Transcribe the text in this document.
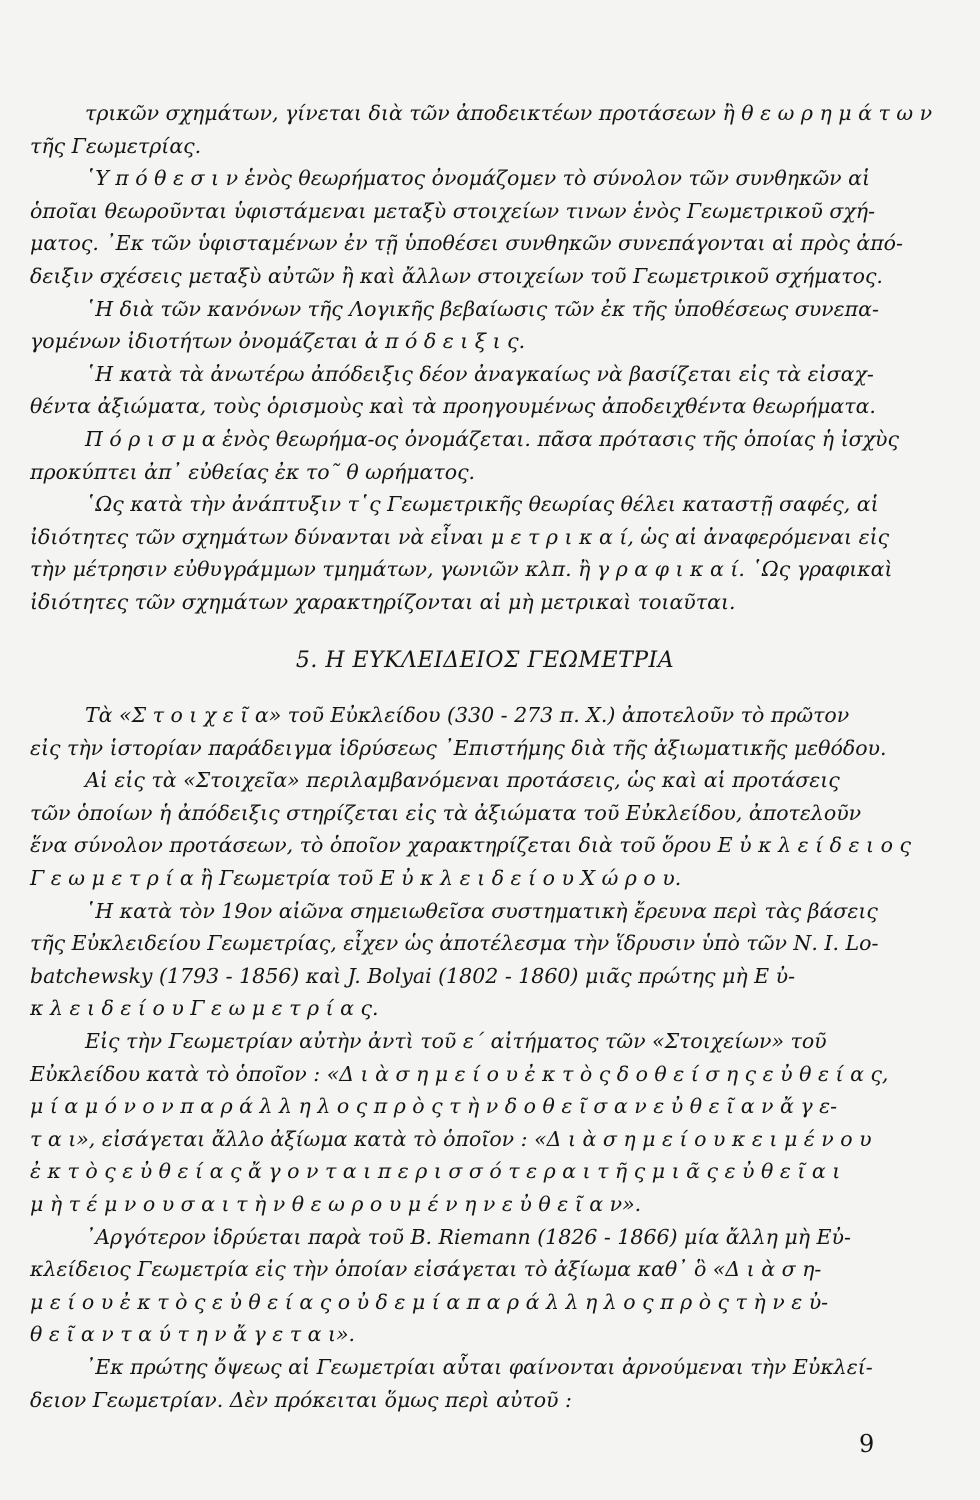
τρικῶν σχημάτων, γίνεται διὰ τῶν ἀποδεικτέων προτάσεων ἢ θ ε ω ρ η μ ά τ ω ν
τῆς Γεωμετρίας.
῾Υ π ό θ ε σ ι ν ἑνὸς θεωρήματος ὀνομάζομεν τὸ σύνολον τῶν συνθηκῶν αἱ
ὁποῖαι θεωροῦνται ὑφιστάμεναι μεταξὺ στοιχείων τινων ἑνὸς Γεωμετρικοῦ σχή-
ματος. ᾿Εκ τῶν ὑφισταμένων ἐν τῇ ὑποθέσει συνθηκῶν συνεπάγονται αἱ πρὸς ἀπό-
δειξιν σχέσεις μεταξὺ αὐτῶν ἢ καὶ ἄλλων στοιχείων τοῦ Γεωμετρικοῦ σχήματος.
῾Η διὰ τῶν κανόνων τῆς Λογικῆς βεβαίωσις τῶν ἐκ τῆς ὑποθέσεως συνεπα-
γομένων ἰδιοτήτων ὀνομάζεται ἀ π ό δ ε ι ξ ι ς.
῾Η κατὰ τὰ ἀνωτέρω ἀπόδειξις δέον ἀναγκαίως νὰ βασίζεται εἰς τὰ εἰσαχ-
θέντα ἀξιώματα, τοὺς ὁρισμοὺς καὶ τὰ προηγουμένως ἀποδειχθέντα θεωρήματα.
Π ό ρ ι σ μ α ἑνὸς θεωρήμα-ος ὀνομάζεται. πᾶσα πρότασις τῆς ὁποίας ἡ ἰσχὺς
προκύπτει ἀπ᾿ εὐθείας ἐκ το῀ θ ωρήματος.
῾Ως κατὰ τὴν ἀνάπτυξιν τ῾ς Γεωμετρικῆς θεωρίας θέλει καταστῇ σαφές, αἱ
ἰδιότητες τῶν σχημάτων δύνανται νὰ εἶναι μ ε τ ρ ι κ α ί, ὡς αἱ ἀναφερόμεναι εἰς
τὴν μέτρησιν εὐθυγράμμων τμημάτων, γωνιῶν κλπ. ἢ γ ρ α φ ι κ α ί. ῾Ως γραφικαὶ
ἰδιότητες τῶν σχημάτων χαρακτηρίζονται αἱ μὴ μετρικαὶ τοιαῦται.
5. Η ΕΥΚΛΕΙΔΕΙΟΣ ΓΕΩΜΕΤΡΙΑ
Τὰ «Σ τ ο ι χ ε ῖ α» τοῦ Εὐκλείδου (330 - 273 π. Χ.) ἀποτελοῦν τὸ πρῶτον
εἰς τὴν ἱστορίαν παράδειγμα ἱδρύσεως ᾿Επιστήμης διὰ τῆς ἀξιωματικῆς μεθόδου.
Αἱ εἰς τὰ «Στοιχεῖα» περιλαμβανόμεναι προτάσεις, ὡς καὶ αἱ προτάσεις
τῶν ὁποίων ἡ ἀπόδειξις στηρίζεται εἰς τὰ ἀξιώματα τοῦ Εὐκλείδου, ἀποτελοῦν
ἕνα σύνολον προτάσεων, τὸ ὁποῖον χαρακτηρίζεται διὰ τοῦ ὅρου Ε ὐ κ λ ε ί δ ε ι ο ς
Γ ε ω μ ε τ ρ ί α ἢ Γεωμετρία τοῦ Ε ὐ κ λ ε ι δ ε ί ο υ Χ ώ ρ ο υ.
῾Η κατὰ τὸν 19ον αἰῶνα σημειωθεῖσα συστηματικὴ ἔρευνα περὶ τὰς βάσεις
τῆς Εὐκλειδείου Γεωμετρίας, εἶχεν ὡς ἀποτέλεσμα τὴν ἵδρυσιν ὑπὸ τῶν Ν. Ι. Lo-
batchewsky (1793 - 1856) καὶ J. Bolyai (1802 - 1860) μιᾶς πρώτης μὴ Ε ὐ-
κ λ ε ι δ ε ί ο υ Γ ε ω μ ε τ ρ ί α ς.
Εἰς τὴν Γεωμετρίαν αὐτὴν ἀντὶ τοῦ ε΄ αἰτήματος τῶν «Στοιχείων» τοῦ
Εὐκλείδου κατὰ τὸ ὁποῖον : «Δ ι ὰ σ η μ ε ί ο υ ἐ κ τ ὸ ς δ ο θ ε ί σ η ς ε ὐ θ ε ί α ς,
μ ί α μ ό ν ο ν π α ρ ά λ λ η λ ο ς π ρ ὸ ς τ ὴ ν δ ο θ ε ῖ σ α ν ε ὐ θ ε ῖ α ν ἄ γ ε-
τ α ι», εἰσάγεται ἄλλο ἀξίωμα κατὰ τὸ ὁποῖον : «Δ ι ὰ σ η μ ε ί ο υ κ ε ι μ έ ν ο υ
ἐ κ τ ὸ ς ε ὐ θ ε ί α ς ἄ γ ο ν τ α ι π ε ρ ι σ σ ό τ ε ρ α ι τ ῆ ς μ ι ᾶ ς ε ὐ θ ε ῖ α ι
μ ὴ τ έ μ ν ο υ σ α ι τ ὴ ν θ ε ω ρ ο υ μ έ ν η ν ε ὐ θ ε ῖ α ν».
᾿Αργότερον ἱδρύεται παρὰ τοῦ Β. Riemann (1826 - 1866) μία ἄλλη μὴ Εὐ-
κλείδειος Γεωμετρία εἰς τὴν ὁποίαν εἰσάγεται τὸ ἀξίωμα καθ᾿ ὃ «Δ ι ὰ σ η-
μ ε ί ο υ ἐ κ τ ὸ ς ε ὐ θ ε ί α ς ο ὐ δ ε μ ί α π α ρ ά λ λ η λ ο ς π ρ ὸ ς τ ὴ ν ε ὐ-
θ ε ῖ α ν τ α ύ τ η ν ἄ γ ε τ α ι».
᾿Εκ πρώτης ὄψεως αἱ Γεωμετρίαι αὗται φαίνονται ἀρνούμεναι τὴν Εὐκλεί-
δειον Γεωμετρίαν. Δὲν πρόκειται ὅμως περὶ αὐτοῦ :
9
